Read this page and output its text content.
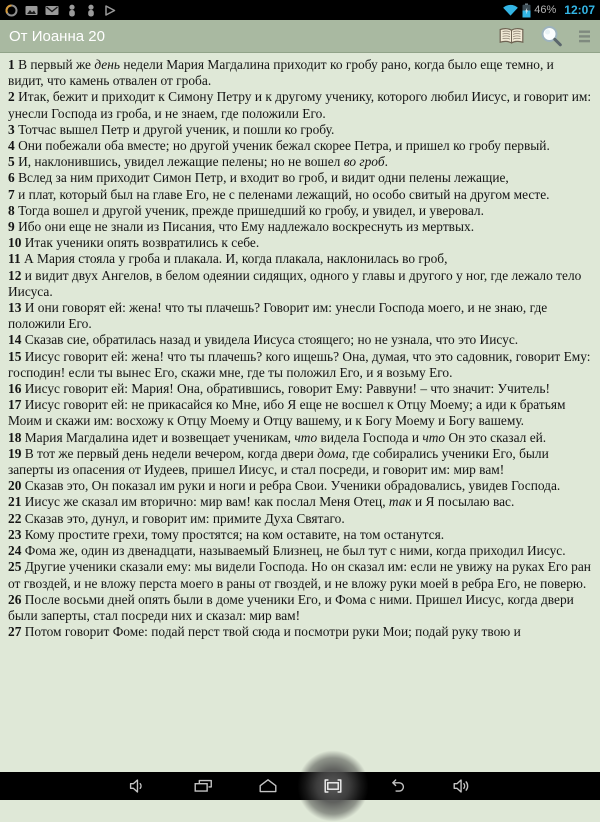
46% 12:07
От Иоанна 20

1 В первый же день недели Мария Магдалина приходит ко гробу рано, когда было еще темно, и видит, что камень отвален от гроба.

2 Итак, бежит и приходит к Симону Петру и к другому ученику, которого любил Иисус, и говорит им: унесли Господа из гроба, и не знаем, где положили Его.

3 Тотчас вышел Петр и другой ученик, и пошли ко гробу.

4 Они побежали оба вместе; но другой ученик бежал скорее Петра, и пришел ко гробу первый.

5 И, наклонившись, увидел лежащие пелены; но не вошел во гроб.

6 Вслед за ним приходит Симон Петр, и входит во гроб, и видит одни пелены лежащие,

7 и плат, который был на главе Его, не с пеленами лежащий, но особо свитый на другом месте.

8 Тогда вошел и другой ученик, прежде пришедший ко гробу, и увидел, и уверовал.

9 Ибо они еще не знали из Писания, что Ему надлежало воскреснуть из мертвых.

10 Итак ученики опять возвратились к себе.

11 А Мария стояла у гроба и плакала. И, когда плакала, наклонилась во гроб,

12 и видит двух Ангелов, в белом одеянии сидящих, одного у главы и другого у ног, где лежало тело Иисуса.

13 И они говорят ей: жена! что ты плачешь? Говорит им: унесли Господа моего, и не знаю, где положили Его.

14 Сказав сие, обратилась назад и увидела Иисуса стоящего; но не узнала, что это Иисус.

15 Иисус говорит ей: жена! что ты плачешь? кого ищешь? Она, думая, что это садовник, говорит Ему: господин! если ты вынес Его, скажи мне, где ты положил Его, и я возьму Его.

16 Иисус говорит ей: Мария! Она, обратившись, говорит Ему: Раввуни! – что значит: Учитель!

17 Иисус говорит ей: не прикасайся ко Мне, ибо Я еще не восшел к Отцу Моему; а иди к братьям Моим и скажи им: восхожу к Отцу Моему и Отцу вашему, и к Богу Моему и Богу вашему.

18 Мария Магдалина идет и возвещает ученикам, что видела Господа и что Он это сказал ей.

19 В тот же первый день недели вечером, когда двери дома, где собирались ученики Его, были заперты из опасения от Иудеев, пришел Иисус, и стал посреди, и говорит им: мир вам!

20 Сказав это, Он показал им руки и ноги и ребра Свои. Ученики обрадовались, увидев Господа.

21 Иисус же сказал им вторично: мир вам! как послал Меня Отец, так и Я посылаю вас.

22 Сказав это, дунул, и говорит им: примите Духа Святаго.

23 Кому простите грехи, тому простятся; на ком оставите, на том останутся.

24 Фома же, один из двенадцати, называемый Близнец, не был тут с ними, когда приходил Иисус.

25 Другие ученики сказали ему: мы видели Господа. Но он сказал им: если не увижу на руках Его ран от гвоздей, и не вложу перста моего в раны от гвоздей, и не вложу руки моей в ребра Его, не поверю.

26 После восьми дней опять были в доме ученики Его, и Фома с ними. Пришел Иисус, когда двери были заперты, стал посреди них и сказал: мир вам!

27 Потом говорит Фоме: подай перст твой сюда и посмотри руки Мои; подай руку твою и
